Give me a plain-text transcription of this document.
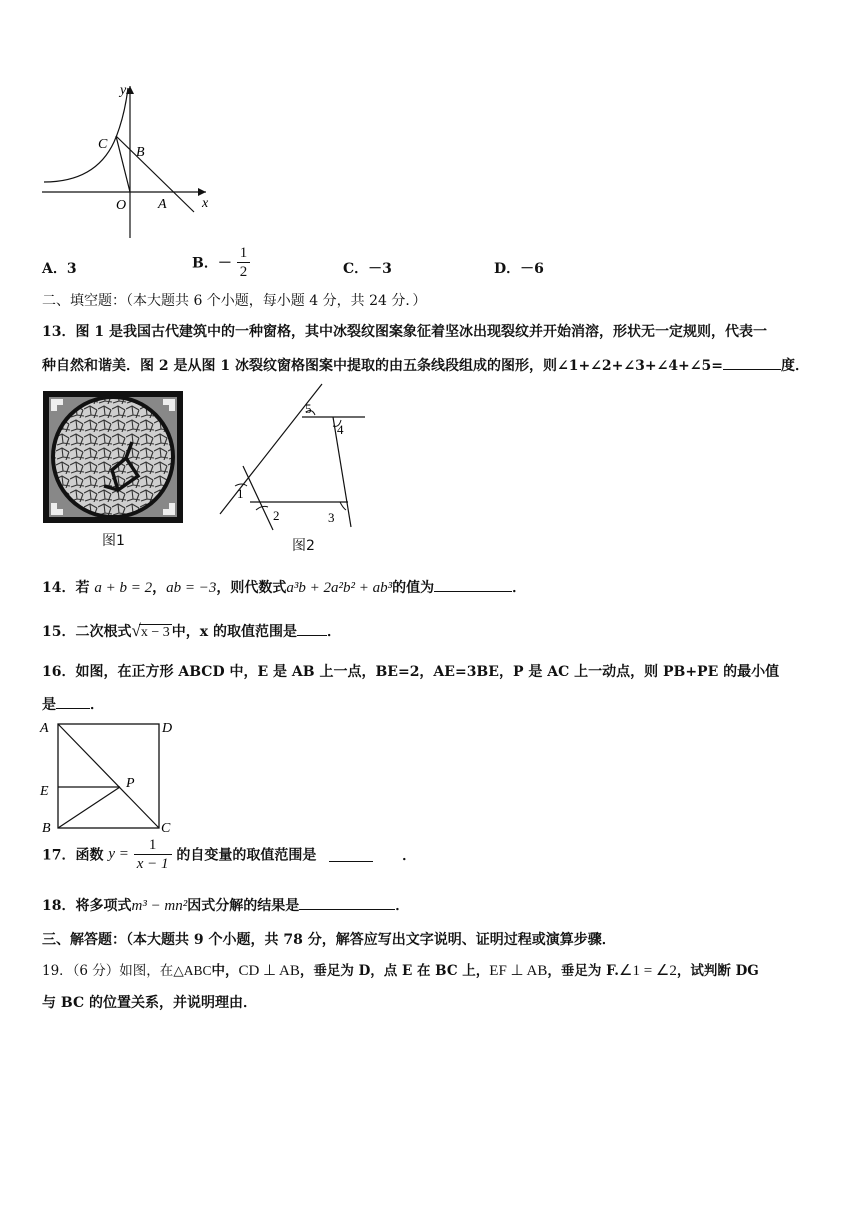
y
x
O A
B
C
A．3	B．－ $\frac{1}{2}$	C．－3	D．－6
二、填空题：（本大题共 6 个小题，每小题 4 分，共 24 分．）
13．图 1 是我国古代建筑中的一种窗格，其中冰裂纹图案象征着坚冰出现裂纹并开始消溶，形状无一定规则，代表一
种自然和谐美．图 2 是从图 1 冰裂纹窗格图案中提取的由五条线段组成的图形，则∠1+∠2+∠3+∠4+∠5=	度．
图1
1
2	3
4
5
图2
14．若 a + b = 2，ab = −3，则代数式a³b + 2a²b² + ab³的值为	．
15．二次根式√x − 3 中，x 的取值范围是 ．
16．如图，在正方形 ABCD 中，E 是 AB 上一点，BE=2，AE=3BE，P 是 AC 上一动点，则 PB+PE 的最小值
是 ．
A	D
E
P
B	C
17．函数 $y = \frac{1}{x - 1}$ 的自变量的取值范围是	．
18．将多项式m³ − mn²因式分解的结果是	．
三、解答题：（本大题共 9 个小题，共 78 分，解答应写出文字说明、证明过程或演算步骤．
19．（6 分）如图，在△ABC中，CD ⊥ AB，垂足为 D，点 E 在 BC 上，EF ⊥ AB，垂足为 F.∠1 = ∠2，试判断 DG
与 BC 的位置关系，并说明理由．
